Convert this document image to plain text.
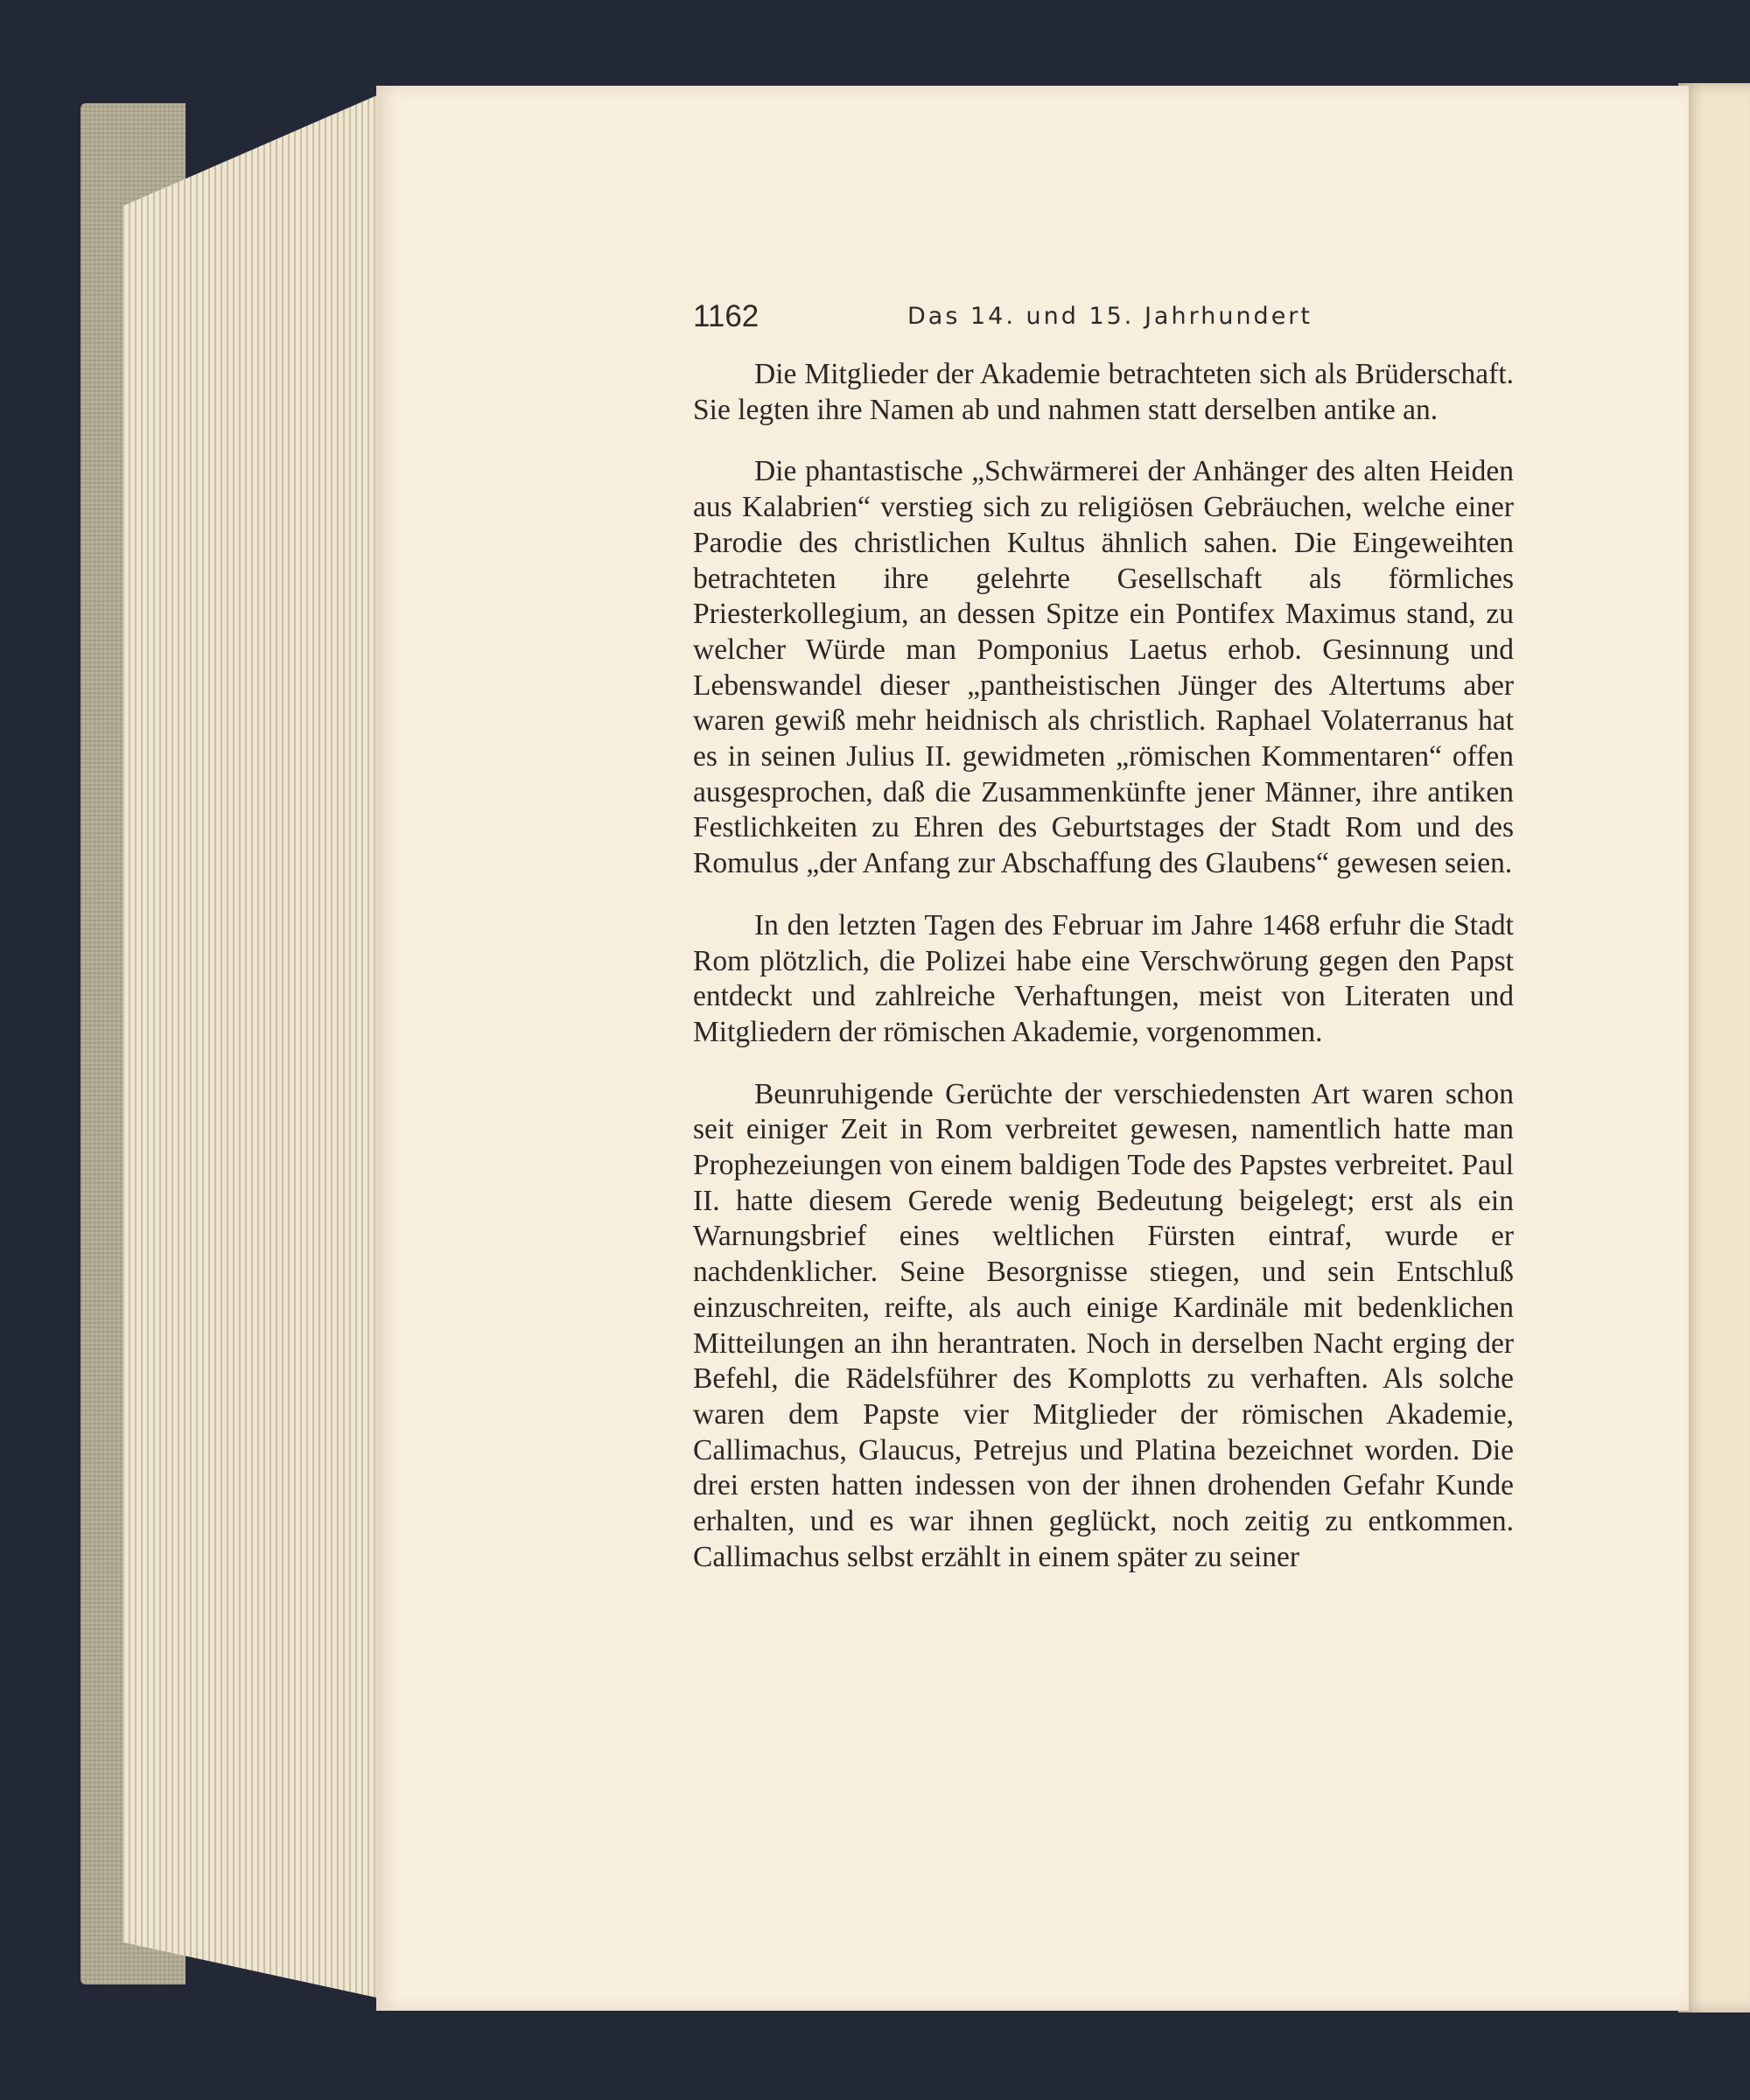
1162	Das 14. und 15. Jahrhundert

Die Mitglieder der Akademie betrachteten sich als Brüderschaft. Sie legten ihre Namen ab und nahmen statt derselben antike an.

Die phantastische „Schwärmerei der Anhänger des alten Heiden aus Kalabrien“ verstieg sich zu religiösen Gebräuchen, welche einer Parodie des christlichen Kultus ähnlich sahen. Die Eingeweihten betrachteten ihre gelehrte Gesellschaft als förmliches Priesterkollegium, an dessen Spitze ein Pontifex Maximus stand, zu welcher Würde man Pomponius Laetus erhob. Gesinnung und Lebenswandel dieser „pantheistischen Jünger des Altertums aber waren gewiß mehr heidnisch als christlich. Raphael Volaterranus hat es in seinen Julius II. gewidmeten „römischen Kommentaren“ offen ausgesprochen, daß die Zusammenkünfte jener Männer, ihre antiken Festlichkeiten zu Ehren des Geburtstages der Stadt Rom und des Romulus „der Anfang zur Abschaffung des Glaubens“ gewesen seien.

In den letzten Tagen des Februar im Jahre 1468 erfuhr die Stadt Rom plötzlich, die Polizei habe eine Verschwörung gegen den Papst entdeckt und zahlreiche Verhaftungen, meist von Literaten und Mitgliedern der römischen Akademie, vorgenommen.

Beunruhigende Gerüchte der verschiedensten Art waren schon seit einiger Zeit in Rom verbreitet gewesen, namentlich hatte man Prophezeiungen von einem baldigen Tode des Papstes verbreitet. Paul II. hatte diesem Gerede wenig Bedeutung beigelegt; erst als ein Warnungsbrief eines weltlichen Fürsten eintraf, wurde er nachdenklicher. Seine Besorgnisse stiegen, und sein Entschluß einzuschreiten, reifte, als auch einige Kardinäle mit bedenklichen Mitteilungen an ihn herantraten. Noch in derselben Nacht erging der Befehl, die Rädelsführer des Komplotts zu verhaften. Als solche waren dem Papste vier Mitglieder der römischen Akademie, Callimachus, Glaucus, Petrejus und Platina bezeichnet worden. Die drei ersten hatten indessen von der ihnen drohenden Gefahr Kunde erhalten, und es war ihnen geglückt, noch zeitig zu entkommen. Callimachus selbst erzählt in einem später zu seiner
